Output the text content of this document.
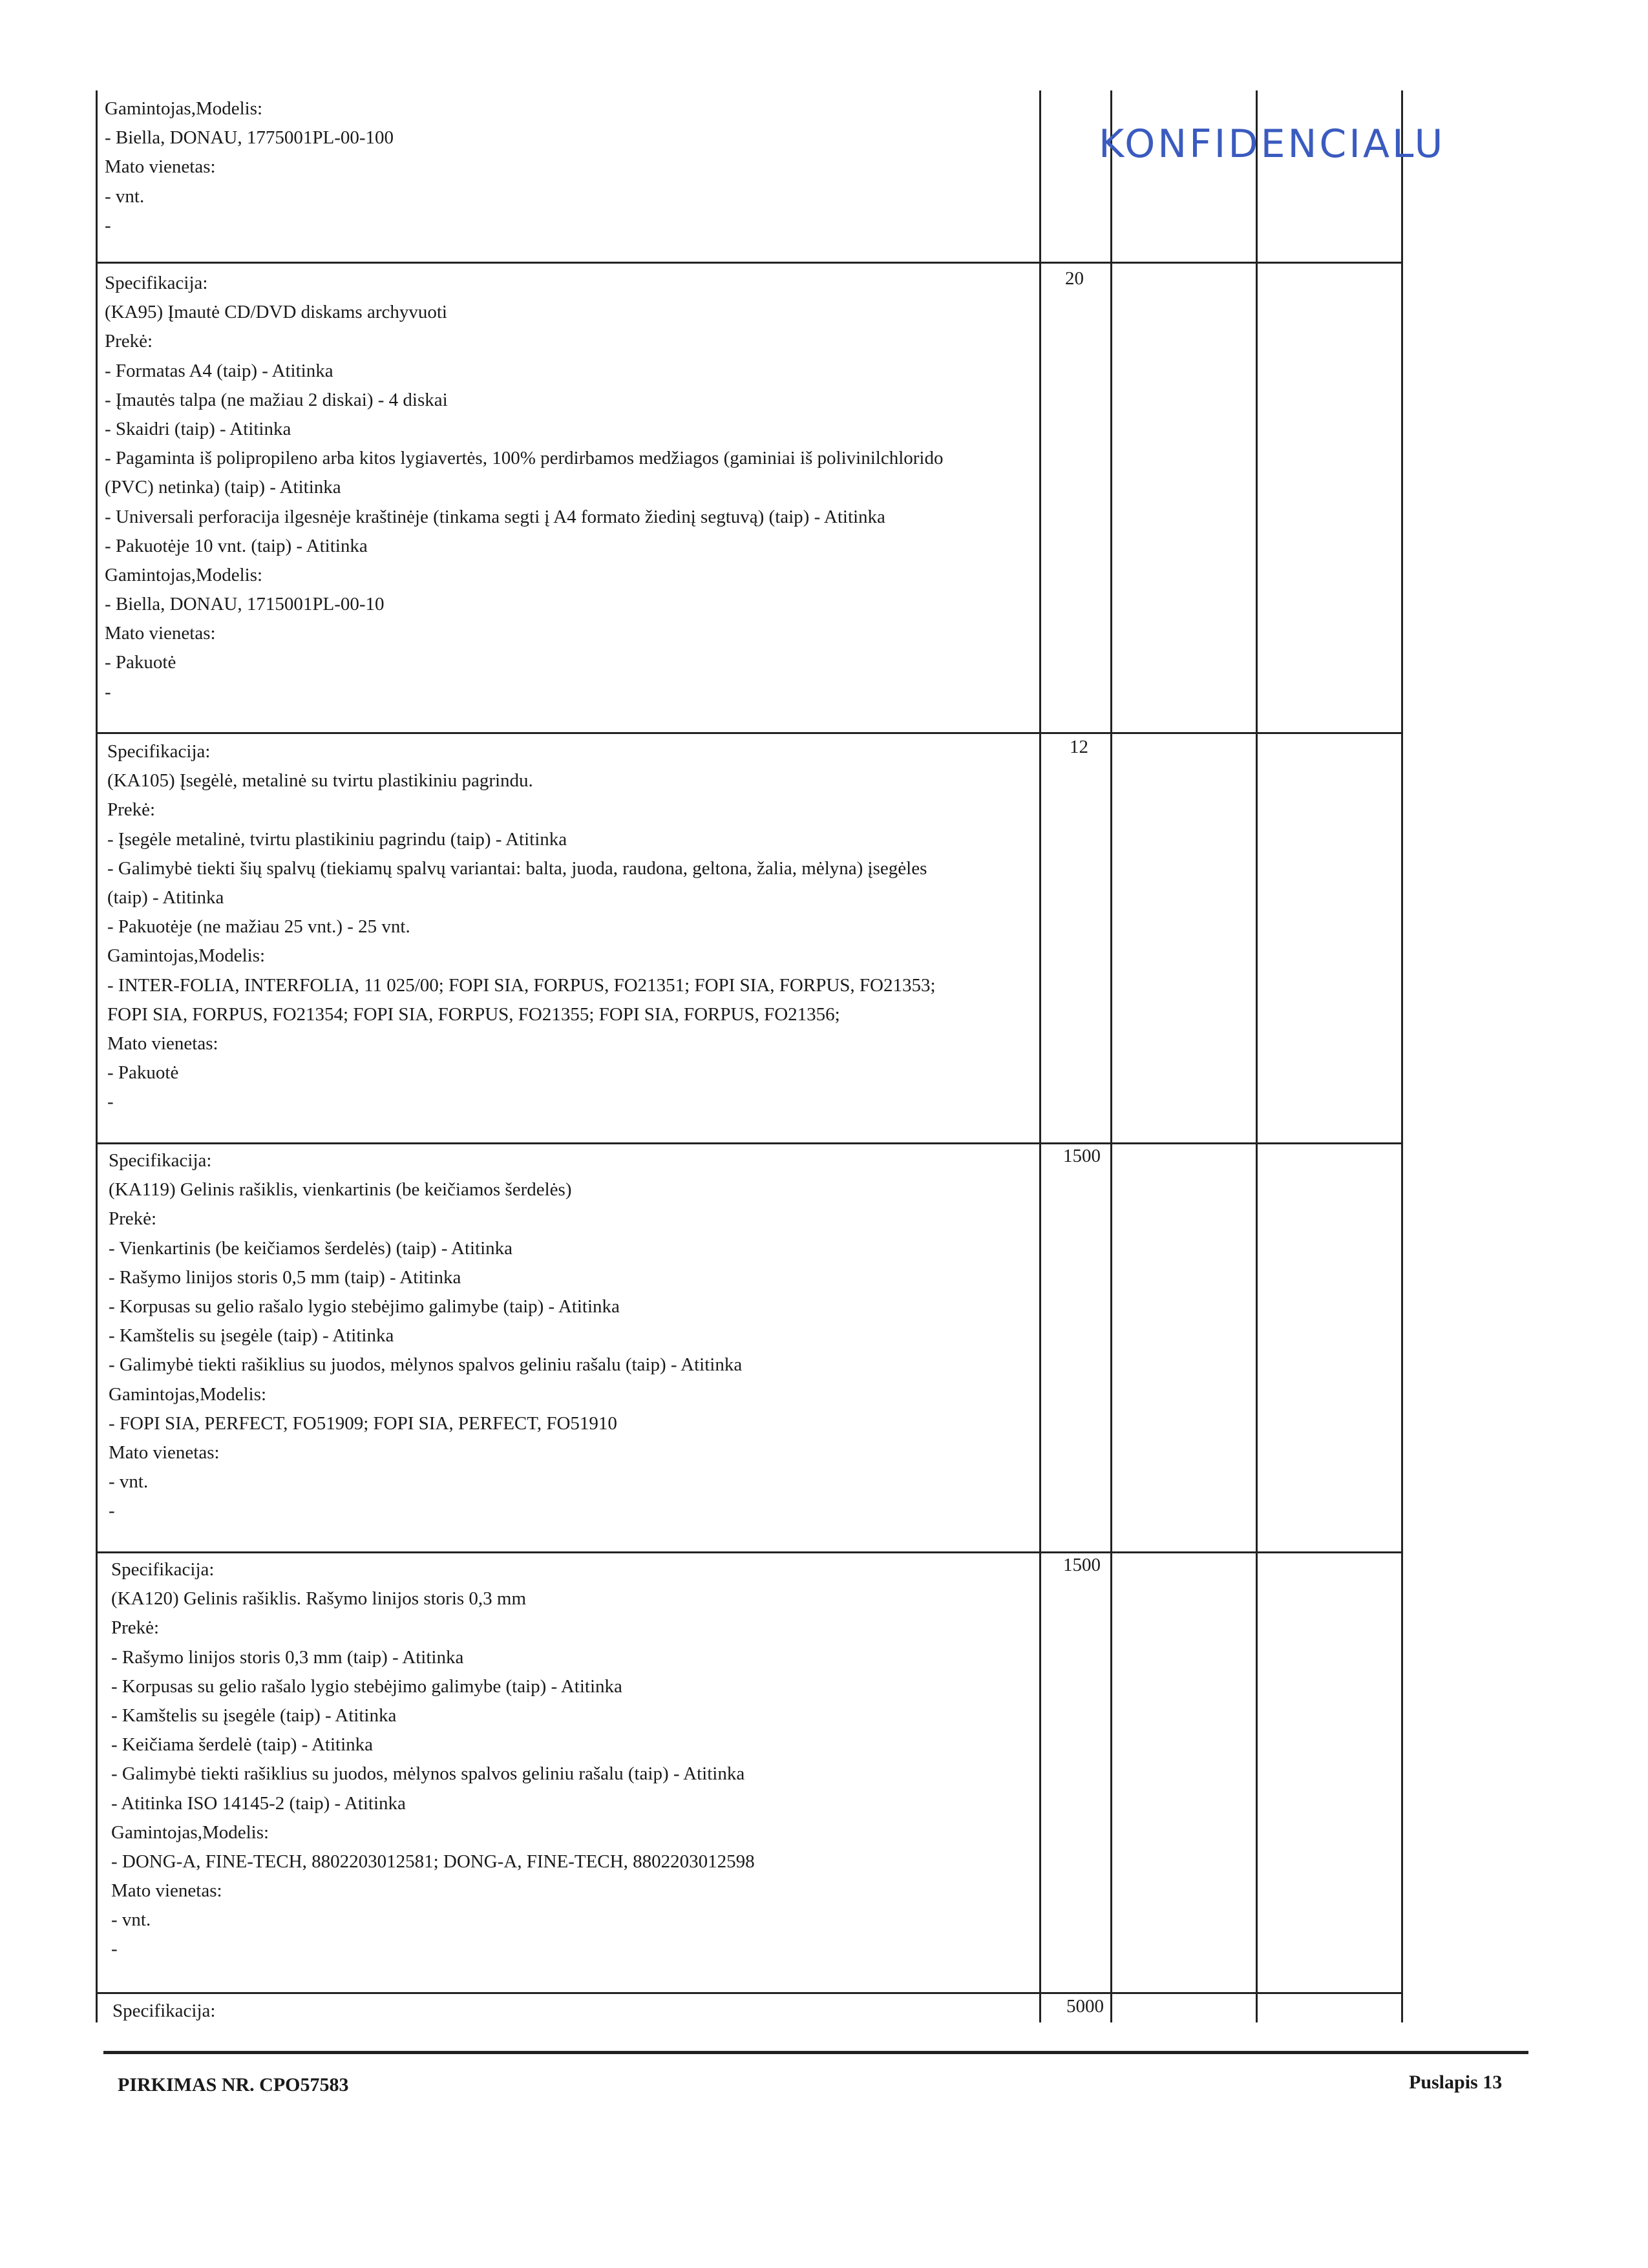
KONFIDENCIALU
Gamintojas,Modelis:
- Biella, DONAU, 1775001PL-00-100
Mato vienetas:
- vnt.
-
Specifikacija:
(KA95) Įmautė CD/DVD diskams archyvuoti
Prekė:
- Formatas A4 (taip) - Atitinka
- Įmautės talpa (ne mažiau 2 diskai) - 4 diskai
- Skaidri (taip) - Atitinka
- Pagaminta iš polipropileno arba kitos lygiavertės, 100% perdirbamos medžiagos (gaminiai iš polivinilchlorido
(PVC) netinka) (taip) - Atitinka
- Universali perforacija ilgesnėje kraštinėje (tinkama segti į A4 formato žiedinį segtuvą) (taip) - Atitinka
- Pakuotėje 10 vnt. (taip) - Atitinka
Gamintojas,Modelis:
- Biella, DONAU, 1715001PL-00-10
Mato vienetas:
- Pakuotė
-
Specifikacija:
(KA105) Įsegėlė, metalinė su tvirtu plastikiniu pagrindu.
Prekė:
- Įsegėle metalinė, tvirtu plastikiniu pagrindu (taip) - Atitinka
- Galimybė tiekti šių spalvų (tiekiamų spalvų variantai: balta, juoda, raudona, geltona, žalia, mėlyna) įsegėles
(taip) - Atitinka
- Pakuotėje (ne mažiau 25 vnt.) - 25 vnt.
Gamintojas,Modelis:
- INTER-FOLIA, INTERFOLIA, 11 025/00; FOPI SIA, FORPUS, FO21351; FOPI SIA, FORPUS, FO21353;
FOPI SIA, FORPUS, FO21354; FOPI SIA, FORPUS, FO21355; FOPI SIA, FORPUS, FO21356;
Mato vienetas:
- Pakuotė
-
Specifikacija:
(KA119) Gelinis rašiklis, vienkartinis (be keičiamos šerdelės)
Prekė:
- Vienkartinis (be keičiamos šerdelės) (taip) - Atitinka
- Rašymo linijos storis 0,5 mm (taip) - Atitinka
- Korpusas su gelio rašalo lygio stebėjimo galimybe (taip) - Atitinka
- Kamštelis su įsegėle (taip) - Atitinka
- Galimybė tiekti rašiklius su juodos, mėlynos spalvos geliniu rašalu (taip) - Atitinka
Gamintojas,Modelis:
- FOPI SIA, PERFECT, FO51909; FOPI SIA, PERFECT, FO51910
Mato vienetas:
- vnt.
-
Specifikacija:
(KA120) Gelinis rašiklis. Rašymo linijos storis 0,3 mm
Prekė:
- Rašymo linijos storis 0,3 mm (taip) - Atitinka
- Korpusas su gelio rašalo lygio stebėjimo galimybe (taip) - Atitinka
- Kamštelis su įsegėle (taip) - Atitinka
- Keičiama šerdelė (taip) - Atitinka
- Galimybė tiekti rašiklius su juodos, mėlynos spalvos geliniu rašalu (taip) - Atitinka
- Atitinka ISO 14145-2 (taip) - Atitinka
Gamintojas,Modelis:
- DONG-A, FINE-TECH, 8802203012581; DONG-A, FINE-TECH, 8802203012598
Mato vienetas:
- vnt.
-
Specifikacija:
20
12
1500
1500
5000
PIRKIMAS NR. CPO57583	Puslapis 13
